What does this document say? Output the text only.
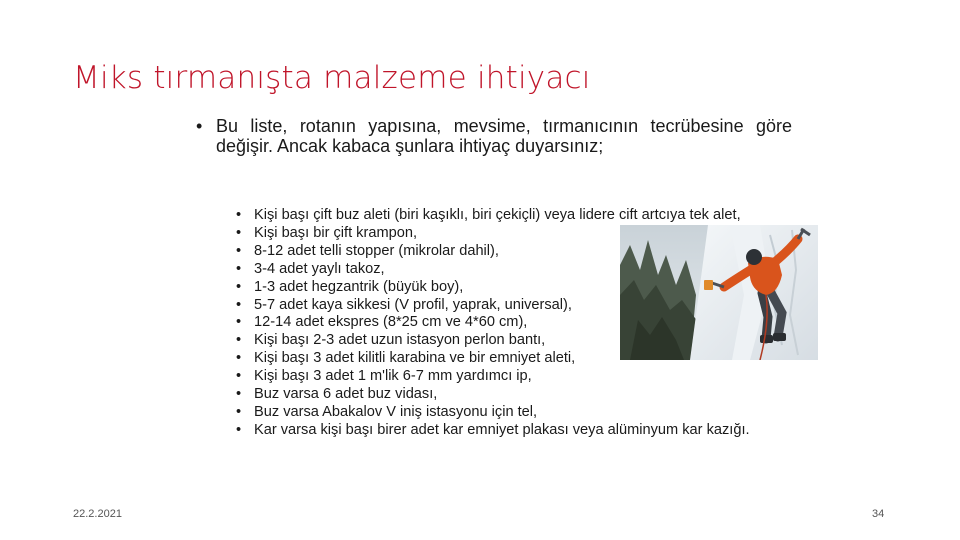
Miks tırmanışta malzeme ihtiyacı
• Bu liste, rotanın yapısına, mevsime, tırmanıcının tecrübesine göre değişir. Ancak kabaca şunlara ihtiyaç duyarsınız;
• Kişi başı çift buz aleti (biri kaşıklı, biri çekiçli) veya lidere cift artcıya tek alet,
• Kişi başı bir çift krampon,
• 8-12 adet telli stopper (mikrolar dahil),
• 3-4 adet yaylı takoz,
• 1-3 adet hegzantrik (büyük boy),
• 5-7 adet kaya sikkesi (V profil, yaprak, universal),
• 12-14 adet ekspres (8*25 cm ve 4*60 cm),
• Kişi başı 2-3 adet uzun istasyon perlon bantı,
• Kişi başı 3 adet kilitli karabina ve bir emniyet aleti,
• Kişi başı 3 adet 1 m'lik 6-7 mm yardımcı ip,
• Buz varsa 6 adet buz vidası,
• Buz varsa Abakalov V iniş istasyonu için tel,
• Kar varsa kişi başı birer adet kar emniyet plakası veya alüminyum kar kazığı.
22.2.2021	34
